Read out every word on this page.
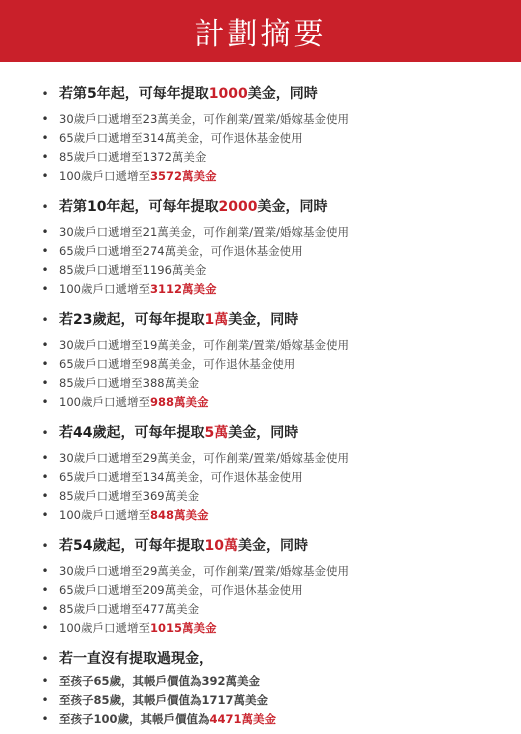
計劃摘要
• 若第5年起，可每年提取1000美金，同時
• 30歲戶口遞增至23萬美金，可作創業/置業/婚嫁基金使用
• 65歲戶口遞增至314萬美金，可作退休基金使用
• 85歲戶口遞增至1372萬美金
• 100歲戶口遞增至3572萬美金
• 若第10年起，可每年提取2000美金，同時
• 30歲戶口遞增至21萬美金，可作創業/置業/婚嫁基金使用
• 65歲戶口遞增至274萬美金，可作退休基金使用
• 85歲戶口遞增至1196萬美金
• 100歲戶口遞增至3112萬美金
• 若23歲起，可每年提取1萬美金，同時
• 30歲戶口遞增至19萬美金，可作創業/置業/婚嫁基金使用
• 65歲戶口遞增至98萬美金，可作退休基金使用
• 85歲戶口遞增至388萬美金
• 100歲戶口遞增至988萬美金
• 若44歲起，可每年提取5萬美金，同時
• 30歲戶口遞增至29萬美金，可作創業/置業/婚嫁基金使用
• 65歲戶口遞增至134萬美金，可作退休基金使用
• 85歲戶口遞增至369萬美金
• 100歲戶口遞增至848萬美金
• 若54歲起，可每年提取10萬美金，同時
• 30歲戶口遞增至29萬美金，可作創業/置業/婚嫁基金使用
• 65歲戶口遞增至209萬美金，可作退休基金使用
• 85歲戶口遞增至477萬美金
• 100歲戶口遞增至1015萬美金
• 若一直沒有提取過現金，
• 至孩子65歲，其帳戶價值為392萬美金
• 至孩子85歲，其帳戶價值為1717萬美金
• 至孩子100歲，其帳戶價值為4471萬美金
